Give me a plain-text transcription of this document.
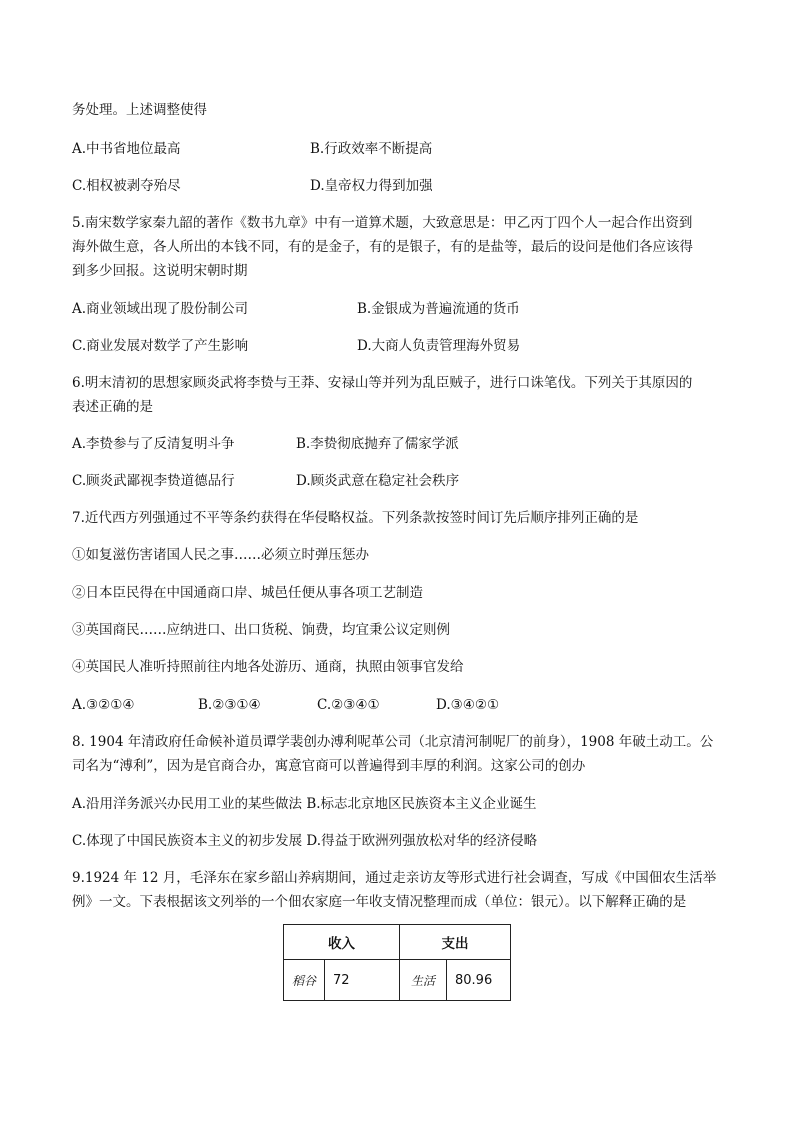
务处理。上述调整使得
A.中书省地位最高	B.行政效率不断提高
C.相权被剥夺殆尽	D.皇帝权力得到加强
5.南宋数学家秦九韶的著作《数书九章》中有一道算术题，大致意思是：甲乙丙丁四个人一起合作出资到
海外做生意，各人所出的本钱不同，有的是金子，有的是银子，有的是盐等，最后的设问是他们各应该得
到多少回报。这说明宋朝时期
A.商业领域出现了股份制公司	B.金银成为普遍流通的货币
C.商业发展对数学了产生影响	D.大商人负责管理海外贸易
6.明末清初的思想家顾炎武将李贽与王莽、安禄山等并列为乱臣贼子，进行口诛笔伐。下列关于其原因的
表述正确的是
A.李贽参与了反清复明斗争	B.李贽彻底抛弃了儒家学派
C.顾炎武鄙视李贽道德品行	D.顾炎武意在稳定社会秩序
7.近代西方列强通过不平等条约获得在华侵略权益。下列条款按签时间订先后顺序排列正确的是
①如复滋伤害诸国人民之事……必须立时弹压惩办
②日本臣民得在中国通商口岸、城邑任便从事各项工艺制造
③英国商民……应纳进口、出口货税、饷费，均宜秉公议定则例
④英国民人准听持照前往内地各处游历、通商，执照由领事官发给
A.③②①④	B.②③①④	C.②③④①	D.③④②①
8. 1904 年清政府任命候补道员谭学裴创办溥利呢革公司（北京清河制呢厂的前身），1908 年破土动工。公
司名为“溥利”，因为是官商合办，寓意官商可以普遍得到丰厚的利润。这家公司的创办
A.沿用洋务派兴办民用工业的某些做法 B.标志北京地区民族资本主义企业诞生
C.体现了中国民族资本主义的初步发展 D.得益于欧洲列强放松对华的经济侵略
9.1924 年 12 月，毛泽东在家乡韶山养病期间，通过走亲访友等形式进行社会调查，写成《中国佃农生活举
例》一文。下表根据该文列举的一个佃农家庭一年收支情况整理而成（单位：银元）。以下解释正确的是
收入		支出	
稻谷	72	生活	80.96
